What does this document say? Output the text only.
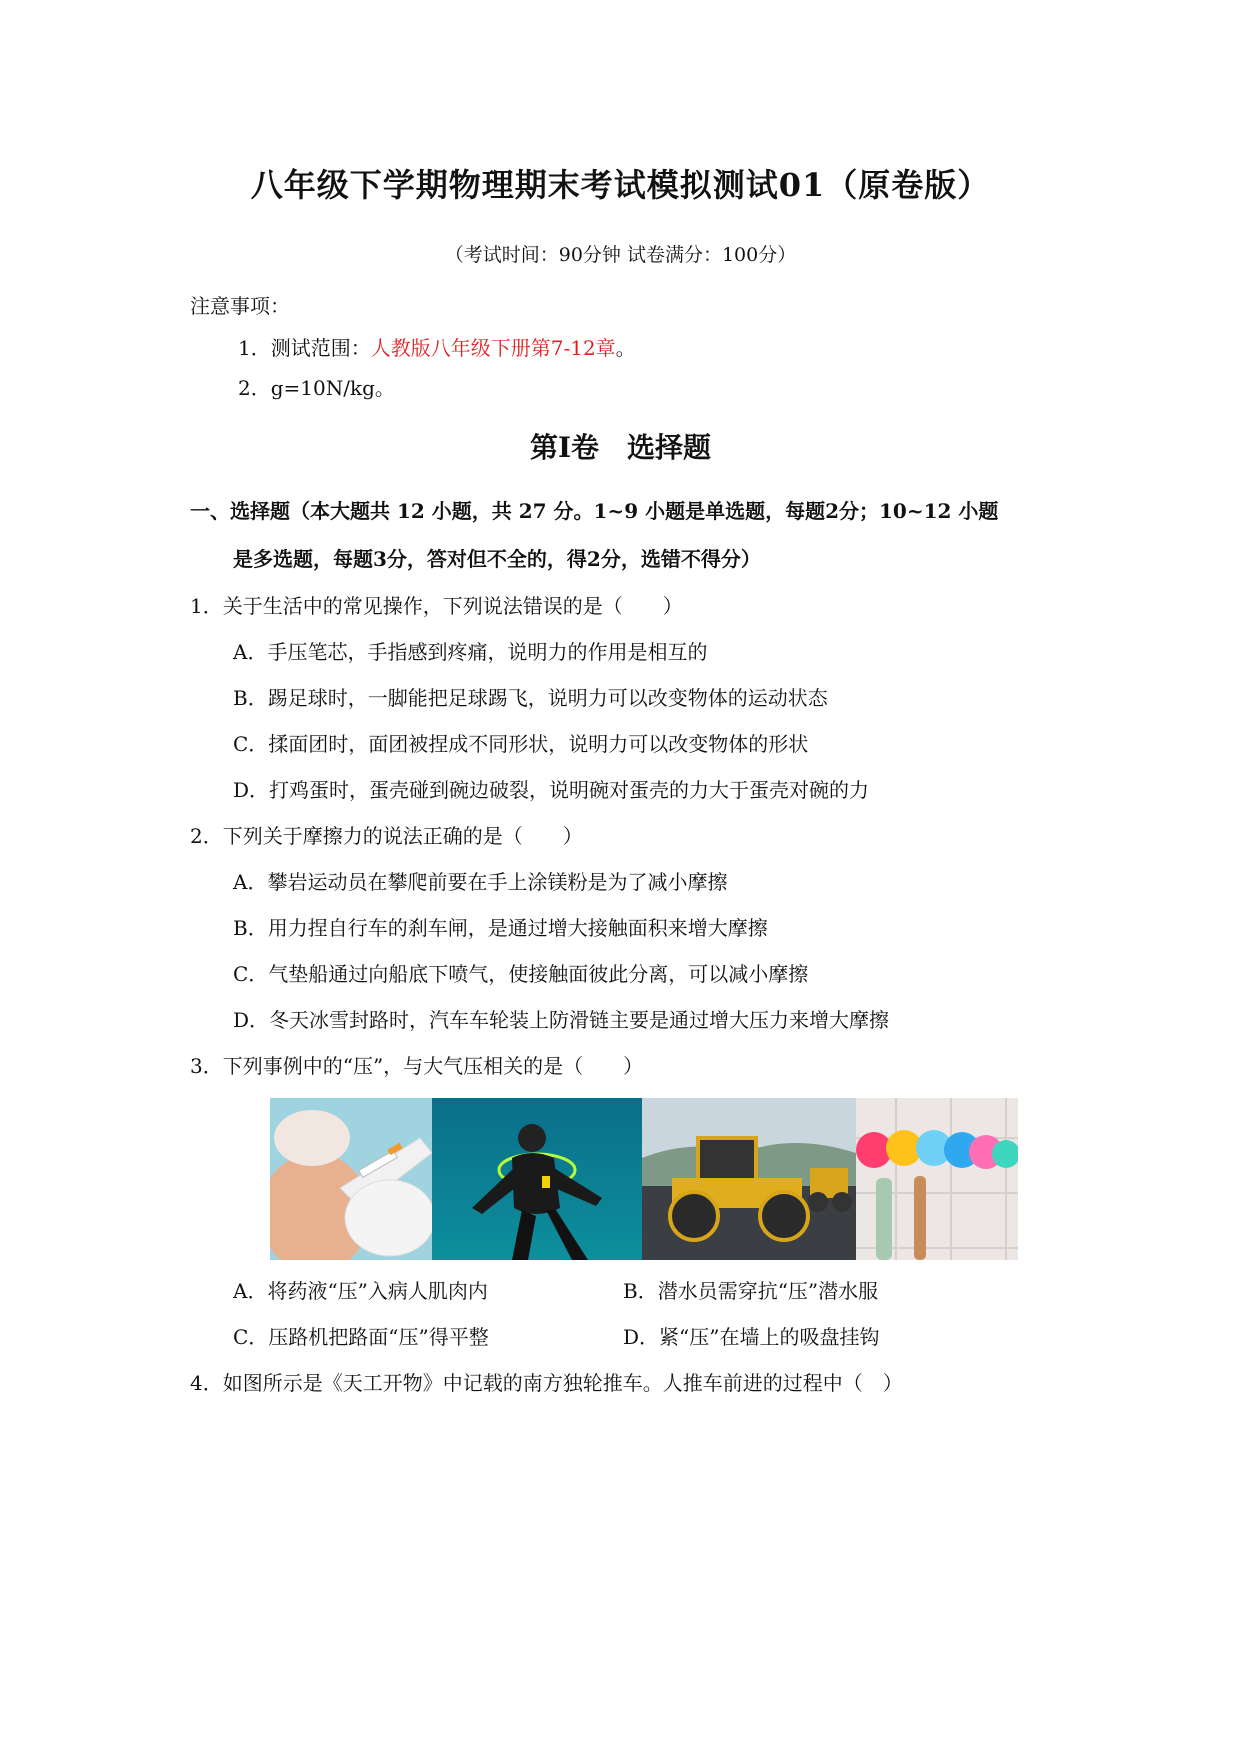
八年级下学期物理期末考试模拟测试01（原卷版）
（考试时间：90分钟 试卷满分：100分）
注意事项：
1．测试范围：人教版八年级下册第7-12章。
2．g=10N/kg。
第Ⅰ卷 选择题
一、选择题（本大题共 12 小题，共 27 分。1~9 小题是单选题，每题2分；10~12 小题
是多选题，每题3分，答对但不全的，得2分，选错不得分）
1．关于生活中的常见操作，下列说法错误的是（　　）
A．手压笔芯，手指感到疼痛，说明力的作用是相互的
B．踢足球时，一脚能把足球踢飞，说明力可以改变物体的运动状态
C．揉面团时，面团被捏成不同形状，说明力可以改变物体的形状
D．打鸡蛋时，蛋壳碰到碗边破裂，说明碗对蛋壳的力大于蛋壳对碗的力
2．下列关于摩擦力的说法正确的是（　　）
A．攀岩运动员在攀爬前要在手上涂镁粉是为了减小摩擦
B．用力捏自行车的刹车闸，是通过增大接触面积来增大摩擦
C．气垫船通过向船底下喷气，使接触面彼此分离，可以减小摩擦
D．冬天冰雪封路时，汽车车轮装上防滑链主要是通过增大压力来增大摩擦
3．下列事例中的“压”，与大气压相关的是（　　）
A．将药液“压”入病人肌肉内	B．潜水员需穿抗“压”潜水服
C．压路机把路面“压”得平整	D．紧“压”在墙上的吸盘挂钩
4．如图所示是《天工开物》中记载的南方独轮推车。人推车前进的过程中（　）
